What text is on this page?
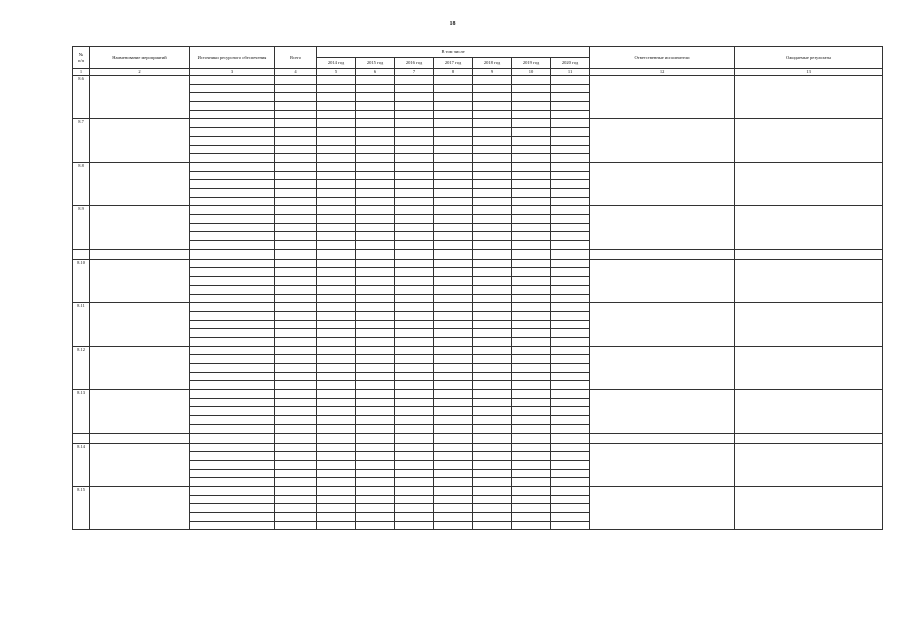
18
№
п/п	Наименование мероприятий	Источники ресурсного обеспечения	Всего	В том числе							Ответственные исполнители	Ожидаемые результаты
				2014 год	2015 год	2016 год	2017 год	2018 год	2019 год	2020 год		
1	2	3	4	5	6	7	8	9	10	11	12	13
8.6												

8.7												

8.8												

8.9												

8.10												

8.11												

8.12												

8.13												

8.14												

8.15												
